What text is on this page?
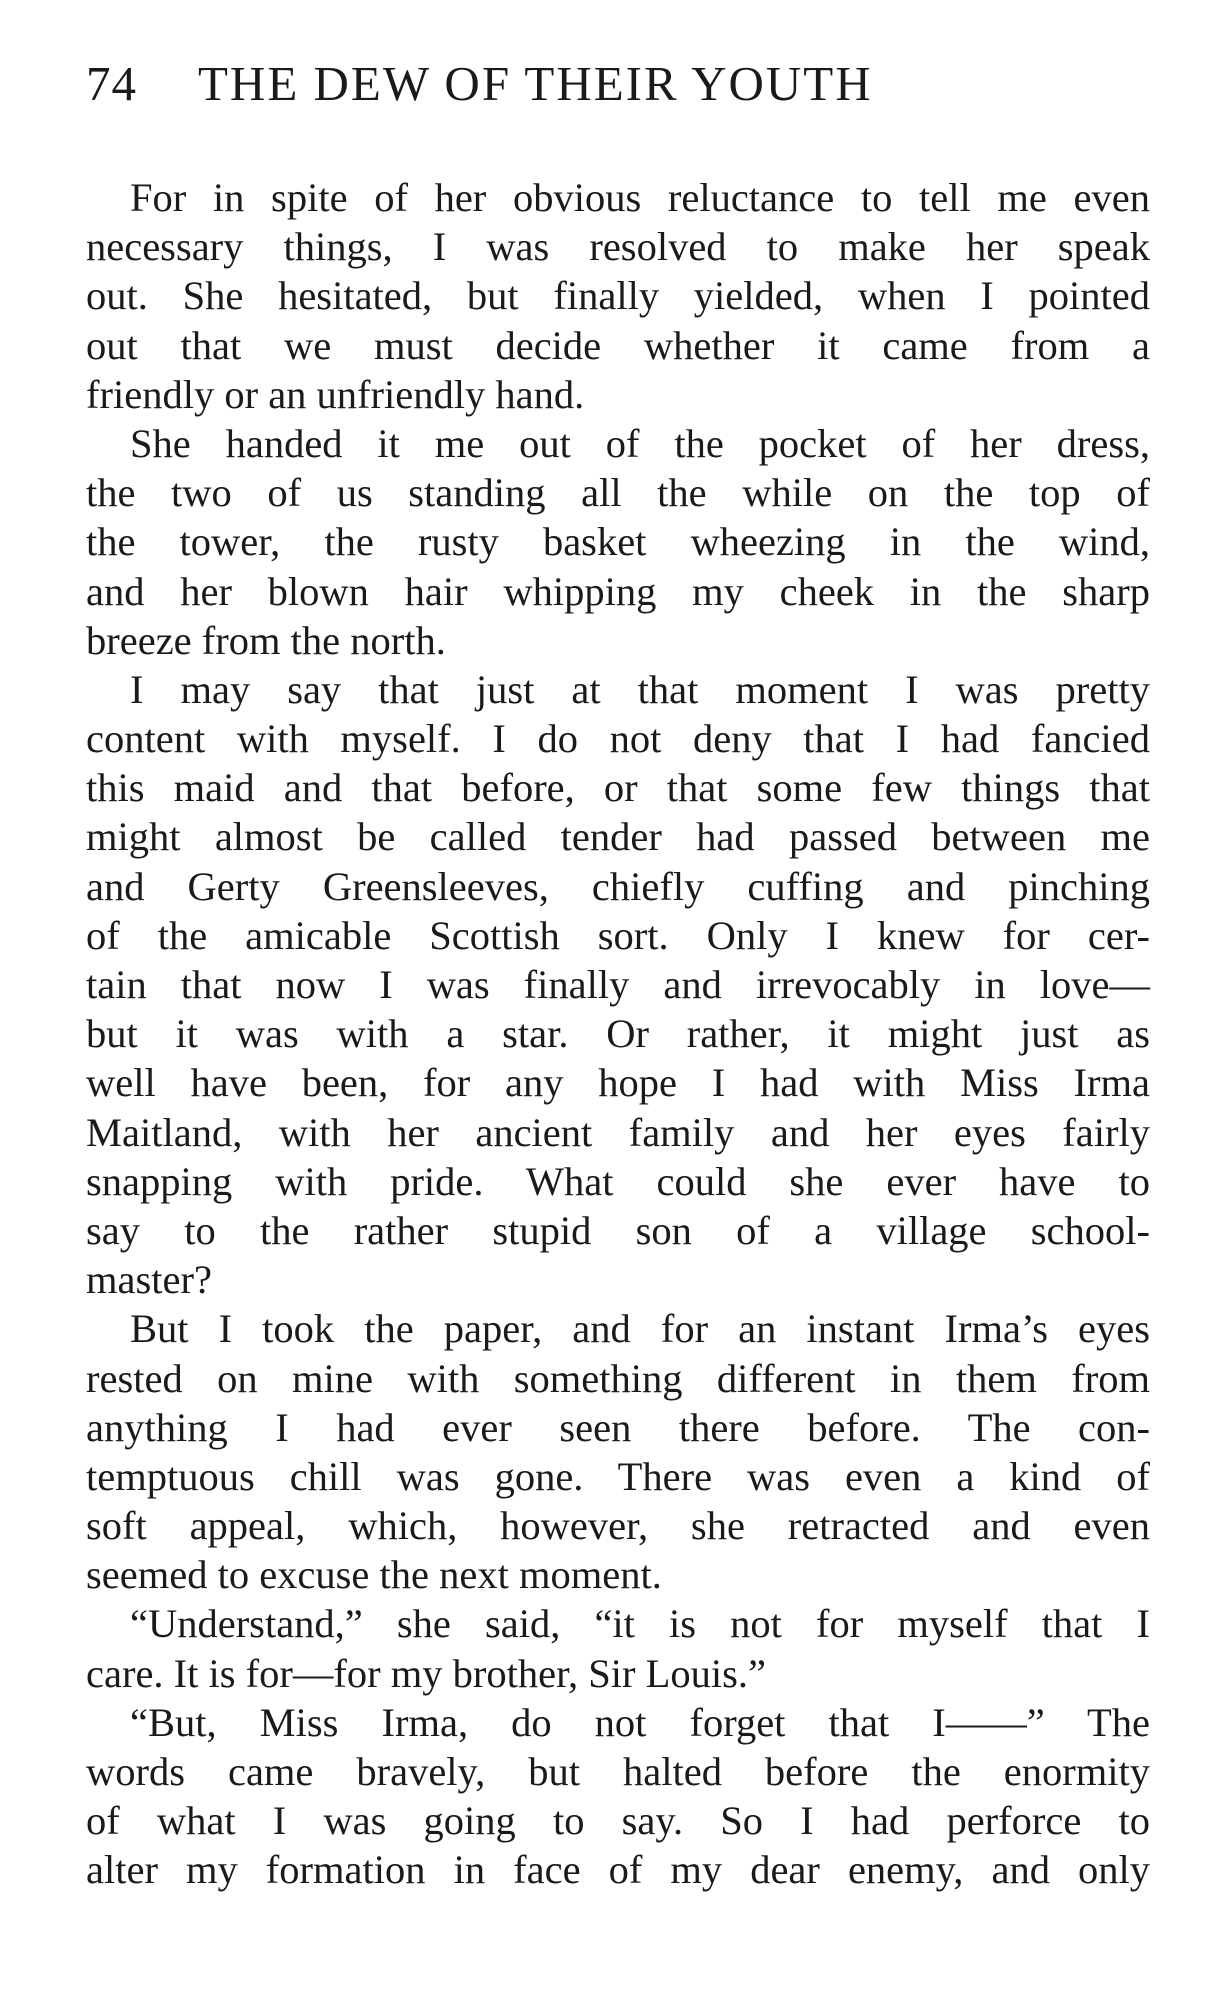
74	THE DEW OF THEIR YOUTH
For in spite of her obvious reluctance to tell me even
necessary things, I was resolved to make her speak
out. She hesitated, but finally yielded, when I pointed
out that we must decide whether it came from a
friendly or an unfriendly hand.
She handed it me out of the pocket of her dress,
the two of us standing all the while on the top of
the tower, the rusty basket wheezing in the wind,
and her blown hair whipping my cheek in the sharp
breeze from the north.
I may say that just at that moment I was pretty
content with myself. I do not deny that I had fancied
this maid and that before, or that some few things that
might almost be called tender had passed between me
and Gerty Greensleeves, chiefly cuffing and pinching
of the amicable Scottish sort. Only I knew for cer-
tain that now I was finally and irrevocably in love—
but it was with a star. Or rather, it might just as
well have been, for any hope I had with Miss Irma
Maitland, with her ancient family and her eyes fairly
snapping with pride. What could she ever have to
say to the rather stupid son of a village school-
master?
But I took the paper, and for an instant Irma’s eyes
rested on mine with something different in them from
anything I had ever seen there before. The con-
temptuous chill was gone. There was even a kind of
soft appeal, which, however, she retracted and even
seemed to excuse the next moment.
“Understand,” she said, “it is not for myself that I
care. It is for—for my brother, Sir Louis.”
“But, Miss Irma, do not forget that I——” The
words came bravely, but halted before the enormity
of what I was going to say. So I had perforce to
alter my formation in face of my dear enemy, and only
